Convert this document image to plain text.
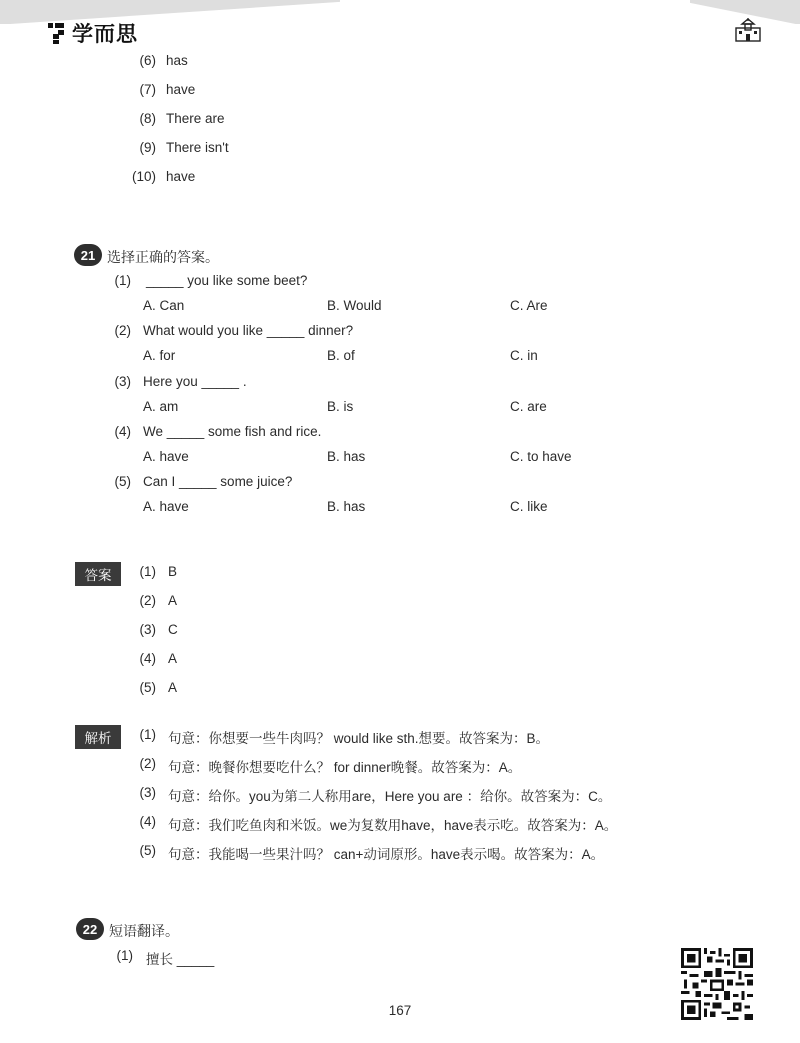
学而思
(6) has
(7) have
(8) There are
(9) There isn't
(10) have
21 选择正确的答案。
(1) _____ you like some beet?
A. Can	B. Would	C. Are
(2) What would you like _____ dinner?
A. for	B. of	C. in
(3) Here you _____ .
A. am	B. is	C. are
(4) We _____ some fish and rice.
A. have	B. has	C. to have
(5) Can I _____ some juice?
A. have	B. has	C. like
答案	(1) B
(2) A
(3) C
(4) A
(5) A
解析	(1) 句意：你想要一些牛肉吗？ would like sth.想要。故答案为：B。
(2) 句意：晚餐你想要吃什么？ for dinner晚餐。故答案为：A。
(3) 句意：给你。you为第二人称用are，Here you are ：给你。故答案为：C。
(4) 句意：我们吃鱼肉和米饭。we为复数用have，have表示吃。故答案为：A。
(5) 句意：我能喝一些果汁吗？ can+动词原形。have表示喝。故答案为：A。
22 短语翻译。
(1) 擅长 _____
167
